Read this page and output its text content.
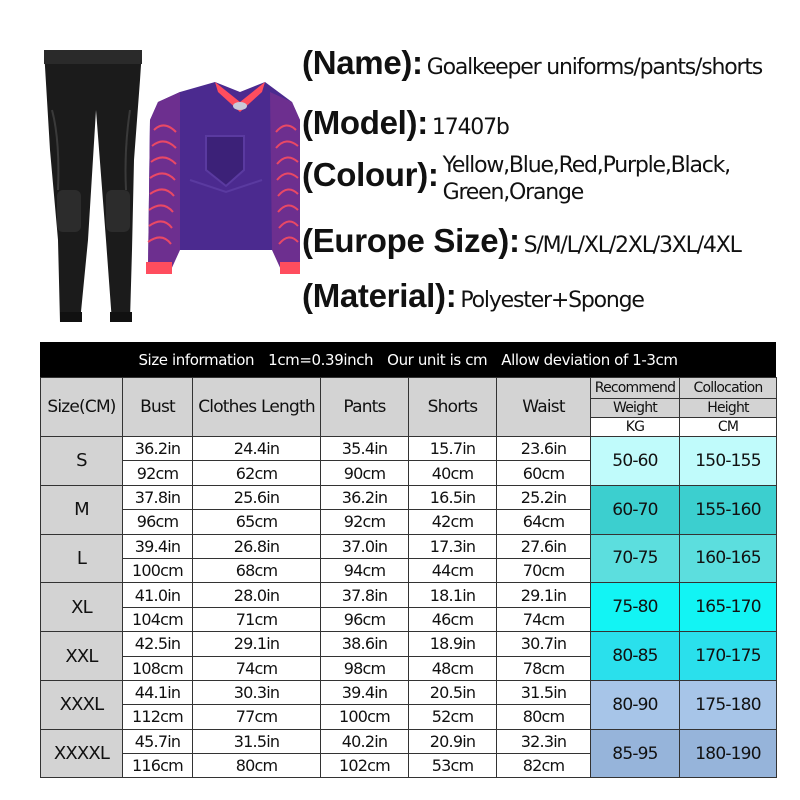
(Name): Goalkeeper uniforms/pants/shorts
(Model): 17407b
(Colour): Yellow,Blue,Red,Purple,Black,
Green,Orange
(Europe Size): S/M/L/XL/2XL/3XL/4XL
(Material): Polyester+Sponge
Size information 1cm=0.39inch Our unit is cm Allow deviation of 1-3cm
Size(CM)	Bust	Clothes Length	Pants	Shorts	Waist	Recommend	Collocation
						Weight	Height
						KG	CM
S	36.2in	24.4in	35.4in	15.7in	23.6in	50-60	150-155
	92cm	62cm	90cm	40cm	60cm		
M	37.8in	25.6in	36.2in	16.5in	25.2in	60-70	155-160
	96cm	65cm	92cm	42cm	64cm		
L	39.4in	26.8in	37.0in	17.3in	27.6in	70-75	160-165
	100cm	68cm	94cm	44cm	70cm		
XL	41.0in	28.0in	37.8in	18.1in	29.1in	75-80	165-170
	104cm	71cm	96cm	46cm	74cm		
XXL	42.5in	29.1in	38.6in	18.9in	30.7in	80-85	170-175
	108cm	74cm	98cm	48cm	78cm		
XXXL	44.1in	30.3in	39.4in	20.5in	31.5in	80-90	175-180
	112cm	77cm	100cm	52cm	80cm		
XXXXL	45.7in	31.5in	40.2in	20.9in	32.3in	85-95	180-190
	116cm	80cm	102cm	53cm	82cm		
